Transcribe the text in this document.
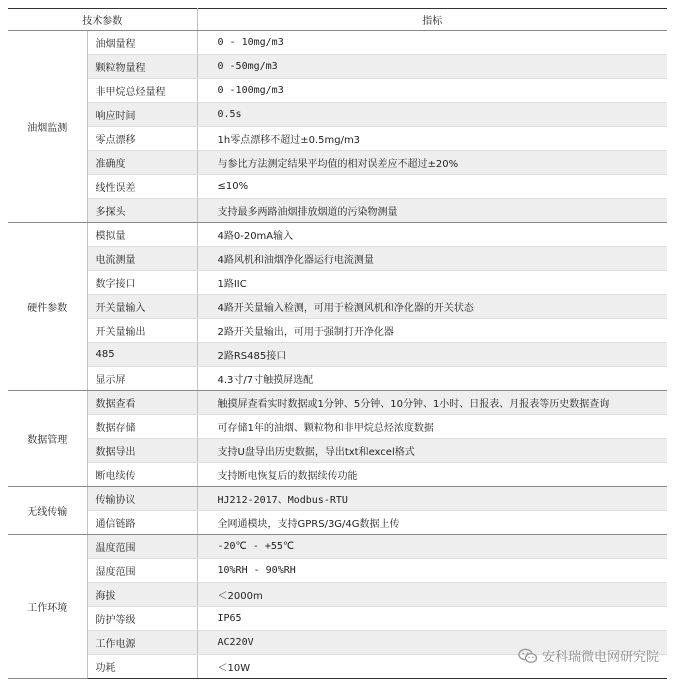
技术参数		指标
油烟监测	油烟量程	0 - 10mg/m3
	颗粒物量程	0 -50mg/m3
	非甲烷总烃量程	0 -100mg/m3
	响应时间	0.5s
	零点漂移	1h零点漂移不超过±0.5mg/m3
	准确度	与参比方法测定结果平均值的相对误差应不超过±20%
	线性误差	≤10%
	多探头	支持最多两路油烟排放烟道的污染物测量
硬件参数	模拟量	4路0-20mA输入
	电流测量	4路风机和油烟净化器运行电流测量
	数字接口	1路IIC
	开关量输入	4路开关量输入检测，可用于检测风机和净化器的开关状态
	开关量输出	2路开关量输出，可用于强制打开净化器
	485	2路RS485接口
	显示屏	4.3寸/7寸触摸屏选配
数据管理	数据查看	触摸屏查看实时数据或1分钟、5分钟、10分钟、1小时、日报表、月报表等历史数据查询
	数据存储	可存储1年的油烟、颗粒物和非甲烷总烃浓度数据
	数据导出	支持U盘导出历史数据，导出txt和excel格式
	断电续传	支持断电恢复后的数据续传功能
无线传输	传输协议	HJ212-2017、Modbus-RTU
	通信链路	全网通模块，支持GPRS/3G/4G数据上传
工作环境	温度范围	-20℃ - +55℃
	湿度范围	10%RH - 90%RH
	海拔	＜2000m
	防护等级	IP65
	工作电源	AC220V
	功耗	＜10W
安科瑞微电网研究院
